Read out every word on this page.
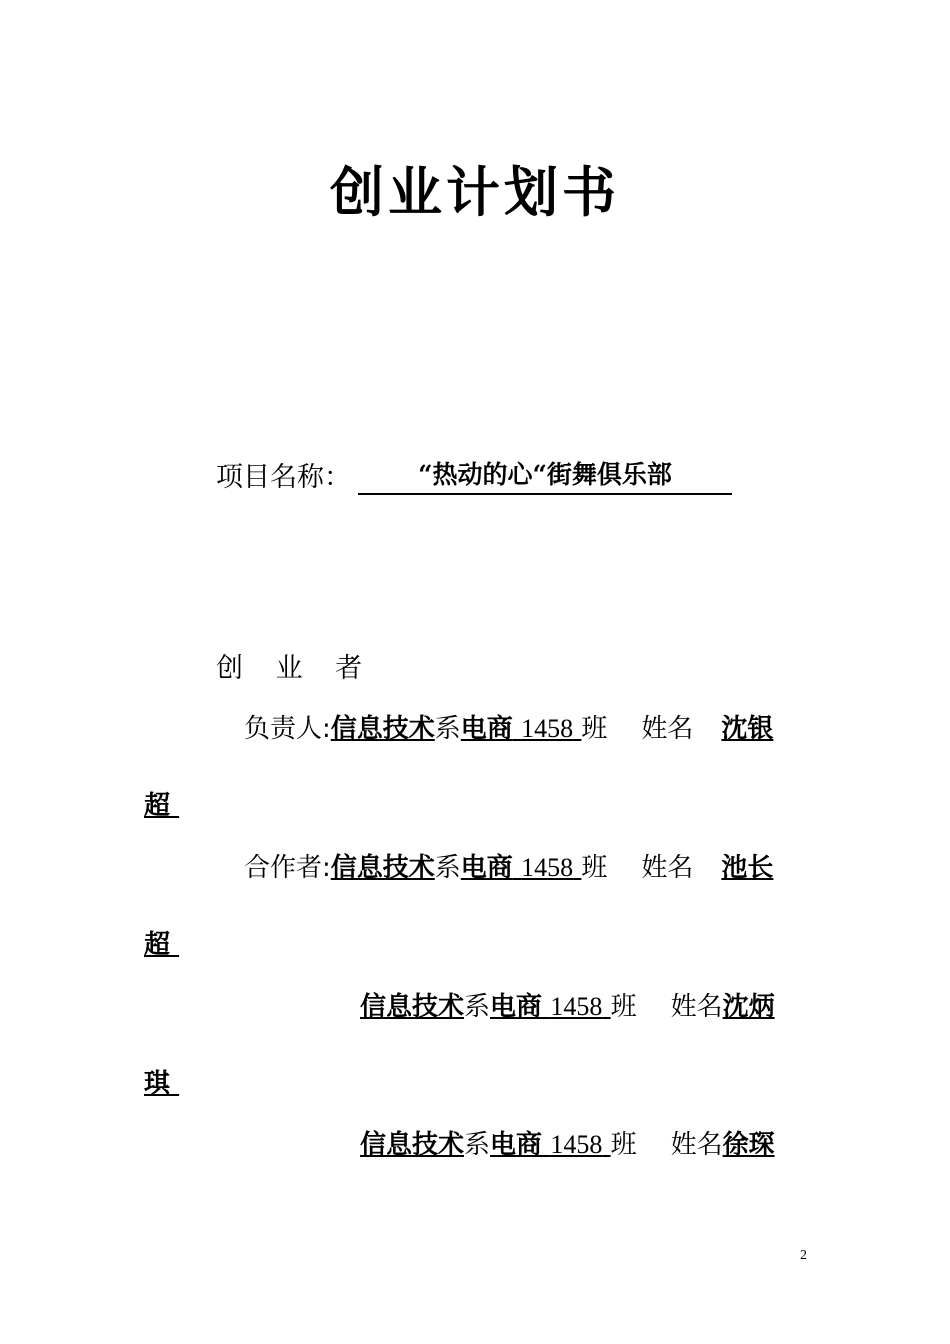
创业计划书
项目名称：	“热动的心“街舞俱乐部
创 业 者
负责人:信息技术系电商 1458 班 姓名 沈银
超
合作者:信息技术系电商 1458 班 姓名 池长
超
信息技术系电商 1458 班 姓名沈炳
琪
信息技术系电商 1458 班 姓名徐琛
2
